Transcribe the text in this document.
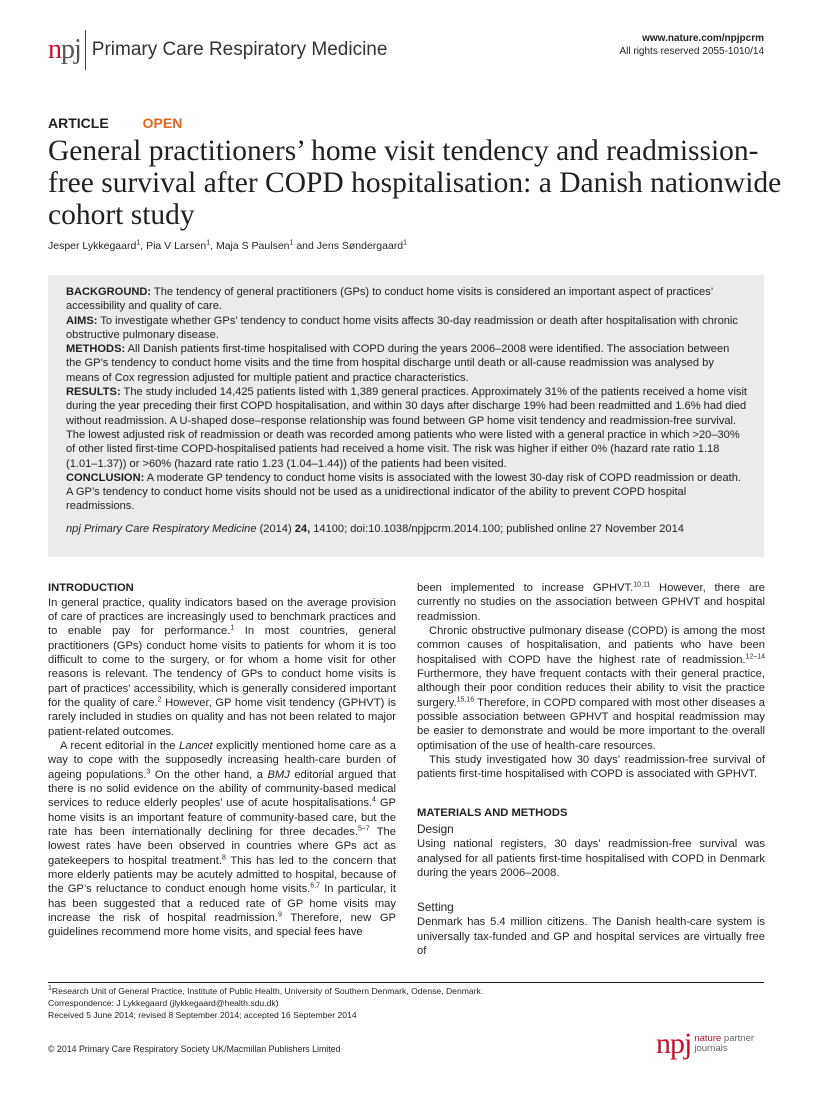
npj Primary Care Respiratory Medicine
www.nature.com/npjpcrm
All rights reserved 2055-1010/14
ARTICLE OPEN
General practitioners’ home visit tendency and readmission-free survival after COPD hospitalisation: a Danish nationwide cohort study
Jesper Lykkegaard$^1$, Pia V Larsen$^1$, Maja S Paulsen$^1$ and Jens Søndergaard$^1$

BACKGROUND: The tendency of general practitioners (GPs) to conduct home visits is considered an important aspect of practices’ accessibility and quality of care.

AIMS: To investigate whether GPs’ tendency to conduct home visits affects 30-day readmission or death after hospitalisation with chronic obstructive pulmonary disease.

METHODS: All Danish patients first-time hospitalised with COPD during the years 2006–2008 were identified. The association between the GP’s tendency to conduct home visits and the time from hospital discharge until death or all-cause readmission was analysed by means of Cox regression adjusted for multiple patient and practice characteristics.

RESULTS: The study included 14,425 patients listed with 1,389 general practices. Approximately 31% of the patients received a home visit during the year preceding their first COPD hospitalisation, and within 30 days after discharge 19% had been readmitted and 1.6% had died without readmission. A U-shaped dose–response relationship was found between GP home visit tendency and readmission-free survival. The lowest adjusted risk of readmission or death was recorded among patients who were listed with a general practice in which >20–30% of other listed first-time COPD-hospitalised patients had received a home visit. The risk was higher if either 0% (hazard rate ratio 1.18 (1.01–1.37)) or >60% (hazard rate ratio 1.23 (1.04–1.44)) of the patients had been visited.

CONCLUSION: A moderate GP tendency to conduct home visits is associated with the lowest 30-day risk of COPD readmission or death. A GP’s tendency to conduct home visits should not be used as a unidirectional indicator of the ability to prevent COPD hospital readmissions.

npj Primary Care Respiratory Medicine (2014) 24, 14100; doi:10.1038/npjpcrm.2014.100; published online 27 November 2014

INTRODUCTION

In general practice, quality indicators based on the average provision of care of practices are increasingly used to benchmark practices and to enable pay for performance.$^1$ In most countries, general practitioners (GPs) conduct home visits to patients for whom it is too difficult to come to the surgery, or for whom a home visit for other reasons is relevant. The tendency of GPs to conduct home visits is part of practices’ accessibility, which is generally considered important for the quality of care.$^2$ However, GP home visit tendency (GPHVT) is rarely included in studies on quality and has not been related to major patient-related outcomes.

A recent editorial in the Lancet explicitly mentioned home care as a way to cope with the supposedly increasing health-care burden of ageing populations.$^3$ On the other hand, a BMJ editorial argued that there is no solid evidence on the ability of community-based medical services to reduce elderly peoples’ use of acute hospitalisations.$^4$ GP home visits is an important feature of community-based care, but the rate has been internationally declining for three decades.$^{5-7}$ The lowest rates have been observed in countries where GPs act as gatekeepers to hospital treatment.$^8$ This has led to the concern that more elderly patients may be acutely admitted to hospital, because of the GP’s reluctance to conduct enough home visits.$^{6,7}$ In particular, it has been suggested that a reduced rate of GP home visits may increase the risk of hospital readmission.$^9$ Therefore, new GP guidelines recommend more home visits, and special fees have

been implemented to increase GPHVT.$^{10,11}$ However, there are currently no studies on the association between GPHVT and hospital readmission.

Chronic obstructive pulmonary disease (COPD) is among the most common causes of hospitalisation, and patients who have been hospitalised with COPD have the highest rate of readmission.$^{12-14}$ Furthermore, they have frequent contacts with their general practice, although their poor condition reduces their ability to visit the practice surgery.$^{15,16}$ Therefore, in COPD compared with most other diseases a possible association between GPHVT and hospital readmission may be easier to demonstrate and would be more important to the overall optimisation of the use of health-care resources.

This study investigated how 30 days’ readmission-free survival of patients first-time hospitalised with COPD is associated with GPHVT.

MATERIALS AND METHODS
Design

Using national registers, 30 days’ readmission-free survival was analysed for all patients first-time hospitalised with COPD in Denmark during the years 2006–2008.

Setting

Denmark has 5.4 million citizens. The Danish health-care system is universally tax-funded and GP and hospital services are virtually free of

$^1$Research Unit of General Practice, Institute of Public Health, University of Southern Denmark, Odense, Denmark.
Correspondence: J Lykkegaard (jlykkegaard@health.sdu.dk)
Received 5 June 2014; revised 8 September 2014; accepted 16 September 2014
© 2014 Primary Care Respiratory Society UK/Macmillan Publishers Limited	npj nature partner
journals
